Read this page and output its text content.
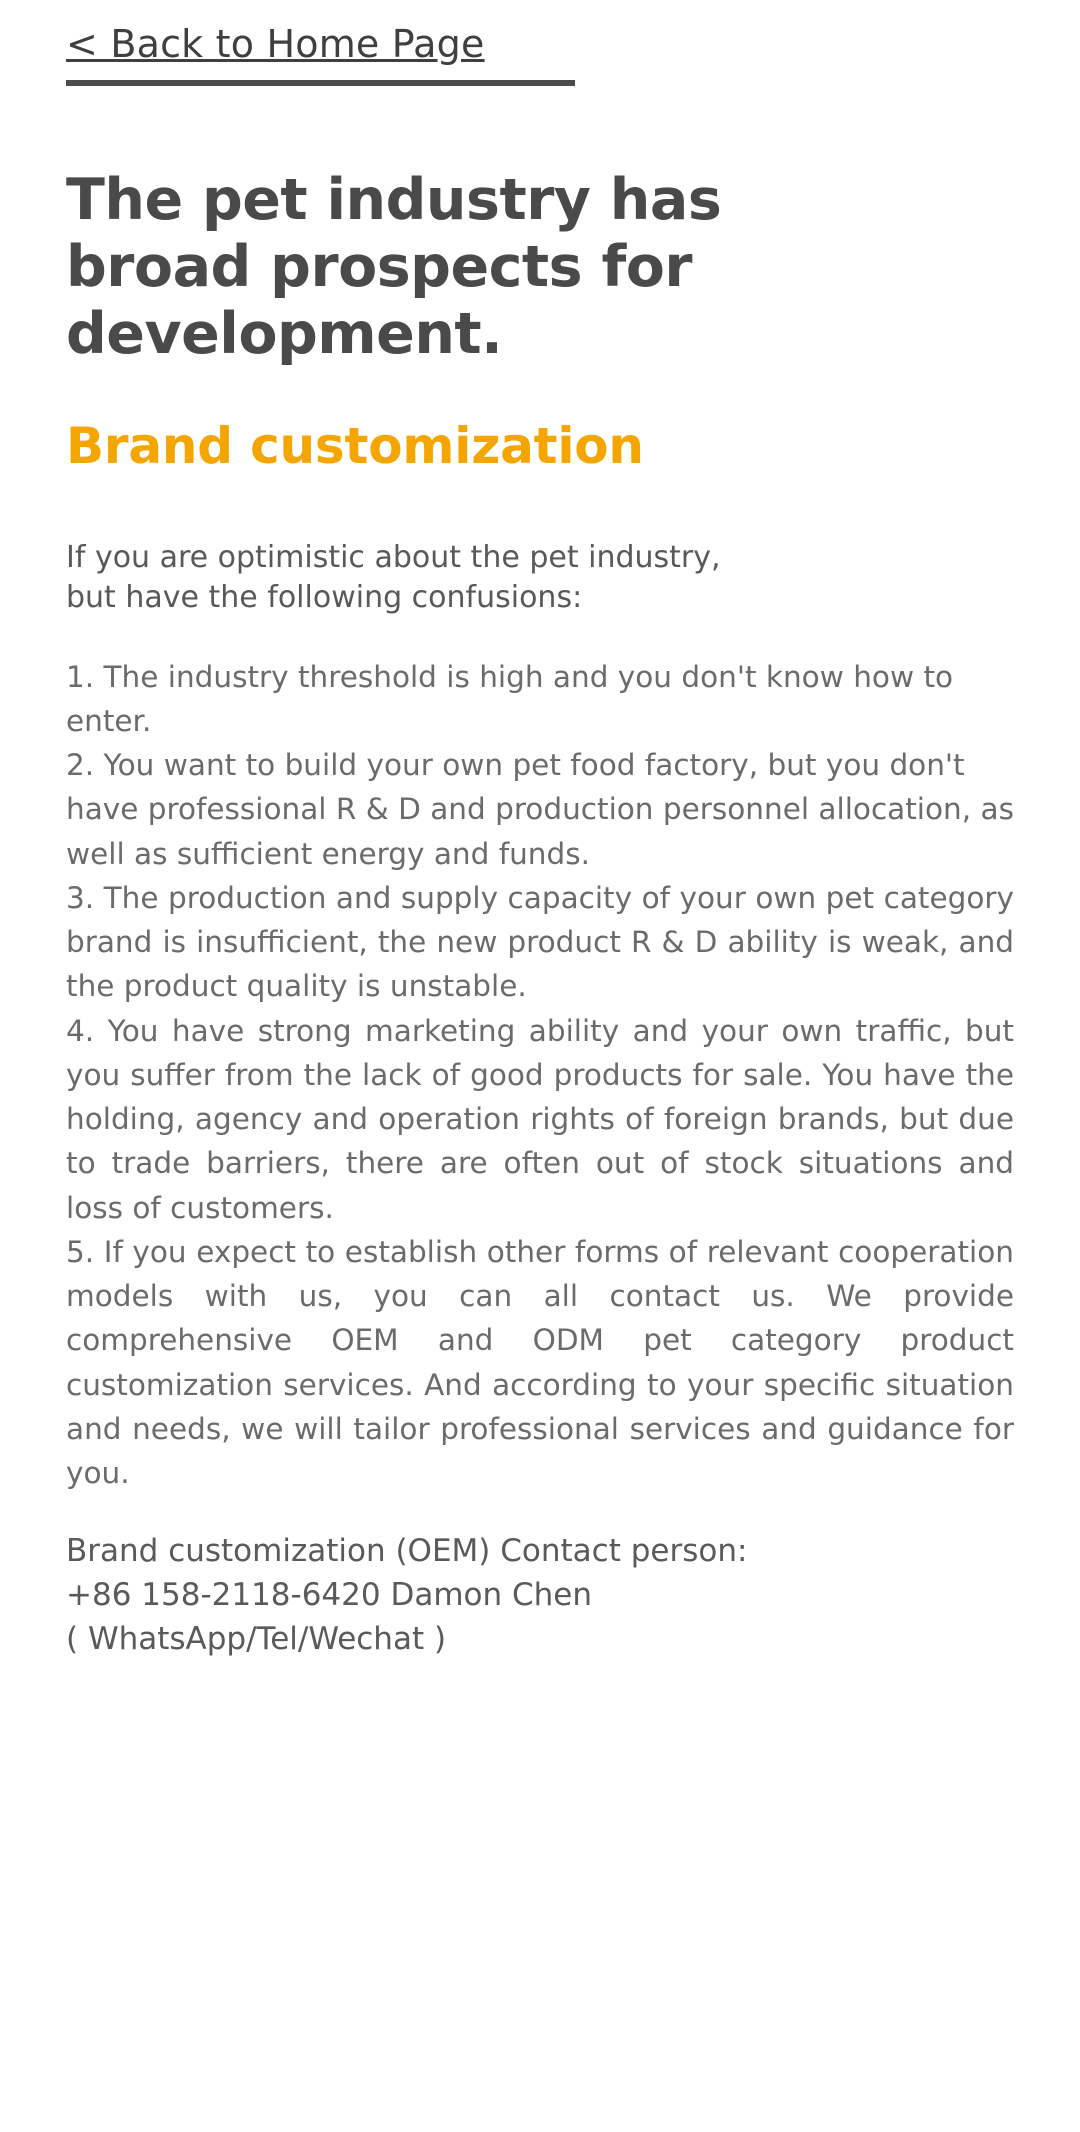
< Back to Home Page
The pet industry has
broad prospects for
development.
Brand customization
If you are optimistic about the pet industry,
but have the following confusions:

1. The industry threshold is high and you don't know how to enter.

2. You want to build your own pet food factory, but you don't have professional R & D and production personnel allocation, as well as sufficient energy and funds.

3. The production and supply capacity of your own pet category brand is insufficient, the new product R & D ability is weak, and the product quality is unstable.

4. You have strong marketing ability and your own traffic, but you suffer from the lack of good products for sale. You have the holding, agency and operation rights of foreign brands, but due to trade barriers, there are often out of stock situations and loss of customers.

5. If you expect to establish other forms of relevant cooperation models with us, you can all contact us. We provide comprehensive OEM and ODM pet category product customization services. And according to your specific situation and needs, we will tailor professional services and guidance for you.

Brand customization (OEM) Contact person:
+86 158-2118-6420 Damon Chen
( WhatsApp/Tel/Wechat )
